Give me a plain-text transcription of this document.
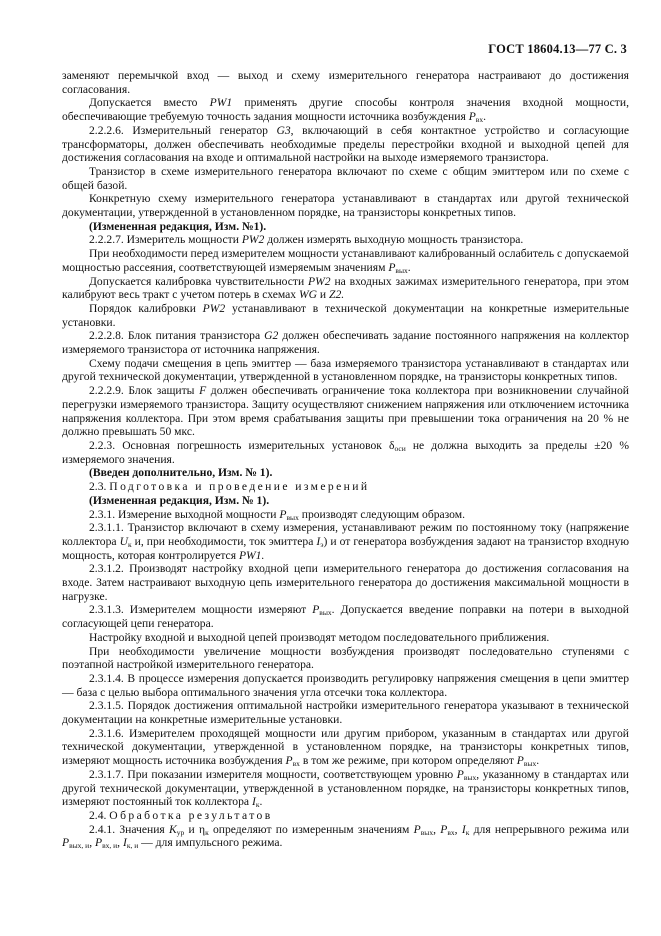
ГОСТ 18604.13—77 С. 3

заменяют перемычкой вход — выход и схему измерительного генератора настраивают до достижения согласования.

Допускается вместо PW1 применять другие способы контроля значения входной мощности, обеспечивающие требуемую точность задания мощности источника возбуждения $P_{вх}$.

2.2.2.6. Измерительный генератор G3, включающий в себя контактное устройство и согласующие трансформаторы, должен обеспечивать необходимые пределы перестройки входной и выходной цепей для достижения согласования на входе и оптимальной настройки на выходе измеряемого транзистора.

Транзистор в схеме измерительного генератора включают по схеме с общим эмиттером или по схеме с общей базой.

Конкретную схему измерительного генератора устанавливают в стандартах или другой технической документации, утвержденной в установленном порядке, на транзисторы конкретных типов.

(Измененная редакция, Изм. №1).

2.2.2.7. Измеритель мощности PW2 должен измерять выходную мощность транзистора.

При необходимости перед измерителем мощности устанавливают калиброванный ослабитель с допускаемой мощностью рассеяния, соответствующей измеряемым значениям $P_{вых}$.

Допускается калибровка чувствительности PW2 на входных зажимах измерительного генератора, при этом калибруют весь тракт с учетом потерь в схемах WG и Z2.

Порядок калибровки PW2 устанавливают в технической документации на конкретные измерительные установки.

2.2.2.8. Блок питания транзистора G2 должен обеспечивать задание постоянного напряжения на коллектор измеряемого транзистора от источника напряжения.

Схему подачи смещения в цепь эмиттер — база измеряемого транзистора устанавливают в стандартах или другой технической документации, утвержденной в установленном порядке, на транзисторы конкретных типов.

2.2.2.9. Блок защиты F должен обеспечивать ограничение тока коллектора при возникновении случайной перегрузки измеряемого транзистора. Защиту осуществляют снижением напряжения или отключением источника напряжения коллектора. При этом время срабатывания защиты при превышении тока ограничения на 20 % не должно превышать 50 мкс.

2.2.3. Основная погрешность измерительных установок $\delta_{оси}$ не должна выходить за пределы ±20 % измеряемого значения.

(Введен дополнительно, Изм. № 1).

2.3. Подготовка и проведение измерений

(Измененная редакция, Изм. № 1).

2.3.1. Измерение выходной мощности $P_{вых}$ производят следующим образом.

2.3.1.1. Транзистор включают в схему измерения, устанавливают режим по постоянному току (напряжение коллектора $U_к$ и, при необходимости, ток эмиттера $I_э$) и от генератора возбуждения задают на транзистор входную мощность, которая контролируется PW1.

2.3.1.2. Производят настройку входной цепи измерительного генератора до достижения согласования на входе. Затем настраивают выходную цепь измерительного генератора до достижения максимальной мощности в нагрузке.

2.3.1.3. Измерителем мощности измеряют $P_{вых}$. Допускается введение поправки на потери в выходной согласующей цепи генератора.

Настройку входной и выходной цепей производят методом последовательного приближения.

При необходимости увеличение мощности возбуждения производят последовательно ступенями с поэтапной настройкой измерительного генератора.

2.3.1.4. В процессе измерения допускается производить регулировку напряжения смещения в цепи эмиттер — база с целью выбора оптимального значения угла отсечки тока коллектора.

2.3.1.5. Порядок достижения оптимальной настройки измерительного генератора указывают в технической документации на конкретные измерительные установки.

2.3.1.6. Измерителем проходящей мощности или другим прибором, указанным в стандартах или другой технической документации, утвержденной в установленном порядке, на транзисторы конкретных типов, измеряют мощность источника возбуждения $P_{вх}$ в том же режиме, при котором определяют $P_{вых}$.

2.3.1.7. При показании измерителя мощности, соответствующем уровню $P_{вых}$, указанному в стандартах или другой технической документации, утвержденной в установленном порядке, на транзисторы конкретных типов, измеряют постоянный ток коллектора $I_к$.

2.4. Обработка результатов

2.4.1. Значения $K_{ур}$ и $\eta_к$ определяют по измеренным значениям $P_{вых}$, $P_{вх}$, $I_к$ для непрерывного режима или $P_{вых, и}$, $P_{вх, и}$, $I_{к, и}$ — для импульсного режима.
